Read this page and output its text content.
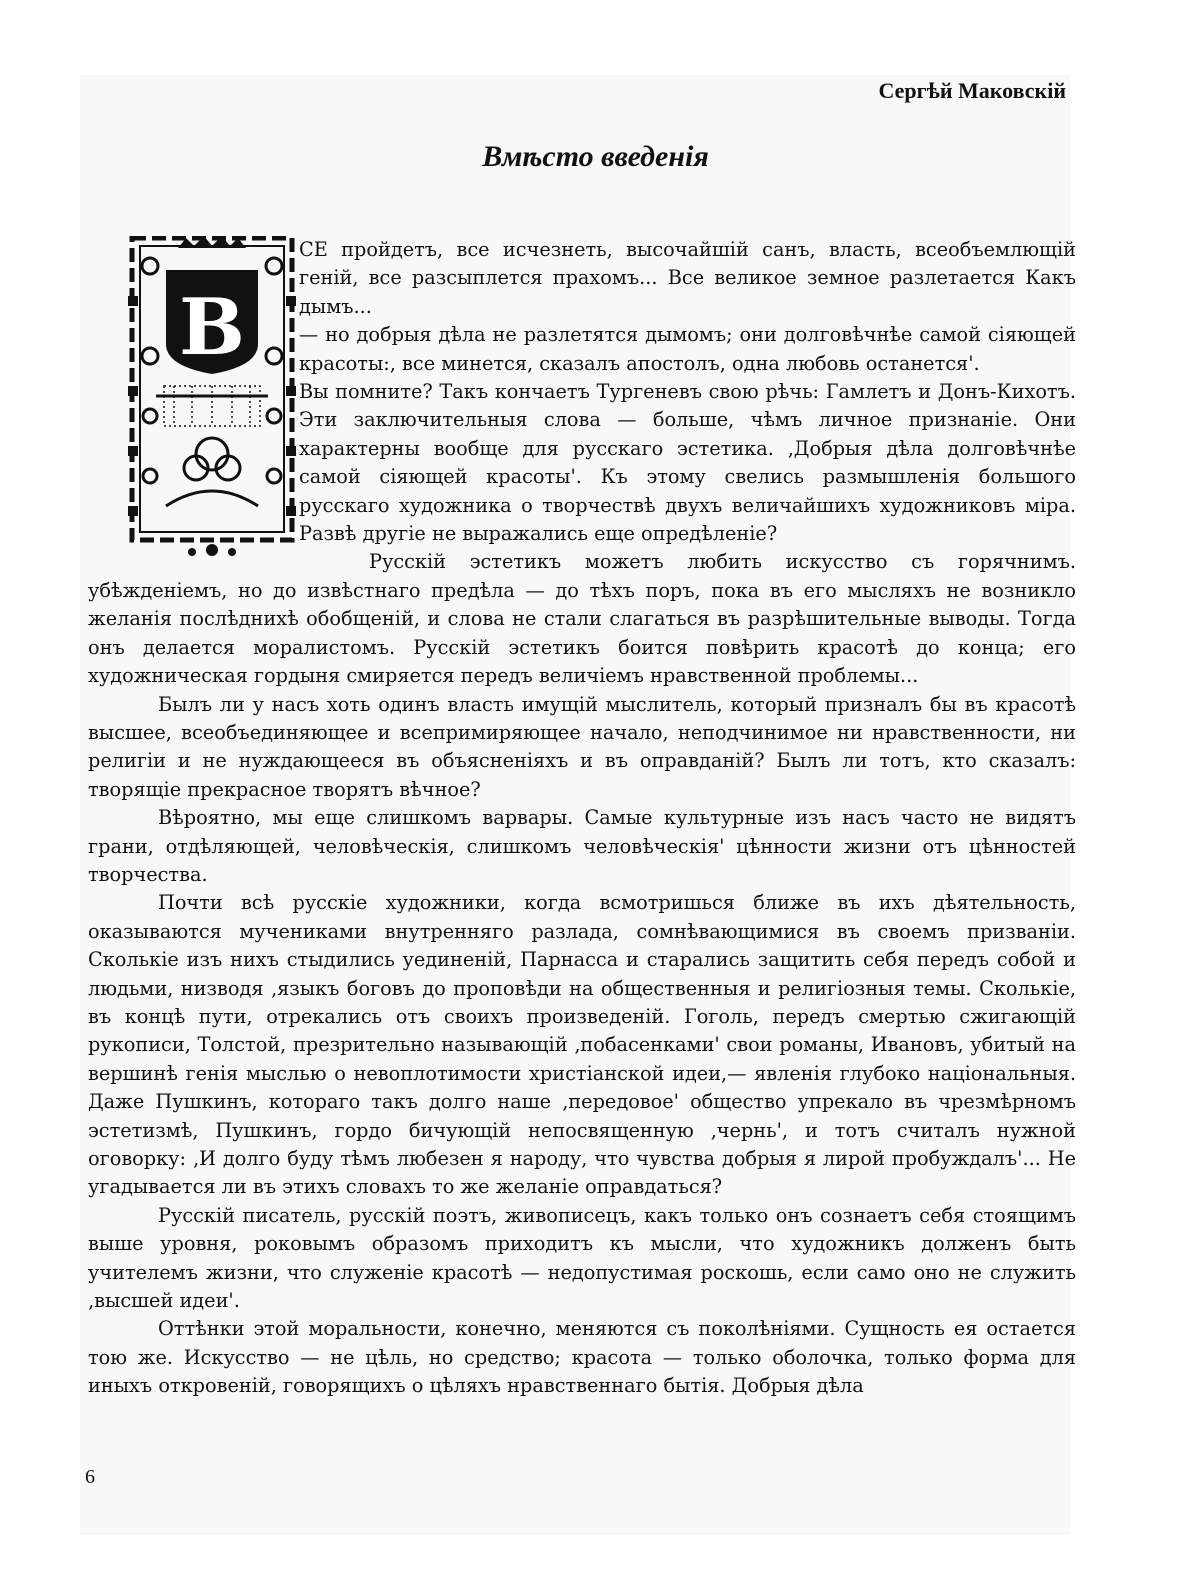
Сергѣй Маковскій
Вмѣсто введенія
В

СЕ пройдетъ, все исчезнеть, высочайшій санъ, власть, всеобъемлющій геній, все разсыплется прахомъ... Все великое земное разлетается Какъ дымъ...

— но добрыя дѣла не разлетятся дымомъ; они долговѣчнѣе самой сіяющей красоты:, все минется, сказалъ апостолъ, одна любовь останется'.

Вы помните? Такъ кончаетъ Тургеневъ свою рѣчь: Гамлетъ и Донъ-Кихотъ. Эти заключительныя слова — больше, чѣмъ личное признаніе. Они характерны вообще для русскаго эстетика. ‚Добрыя дѣла долговѣчнѣе самой сіяющей красоты'. Къ этому свелись размышленія большого русскаго художника о творчествѣ двухъ величайшихъ художниковъ міра. Развѣ другіе не выражались еще опредѣленіе?

Русскій эстетикъ можетъ любить искусство съ горячнимъ. убѣжденіемъ, но до извѣстнаго предѣла — до тѣхъ поръ, пока въ его мысляхъ не возникло желанія послѣднихѣ обобщеній, и слова не стали слагаться въ разрѣшительные выводы. Тогда онъ делается моралистомъ. Русскій эстетикъ боится повѣрить красотѣ до конца; его художническая гордыня смиряется передъ величіемъ нравственной проблемы...

Былъ ли у насъ хоть одинъ власть имущій мыслитель, который призналъ бы въ красотѣ высшее, всеобъединяющее и всепримиряющее начало, неподчинимое ни нравственности, ни религіи и не нуждающееся въ объясненіяхъ и въ оправданій? Былъ ли тотъ, кто сказалъ: творящіе прекрасное творятъ вѣчное?

Вѣроятно, мы еще слишкомъ варвары. Самые культурные изъ насъ часто не видятъ грани, отдѣляющей, человѣческія, слишкомъ человѣческія' цѣнности жизни отъ цѣнностей творчества.

Почти всѣ русскіе художники, когда всмотришься ближе въ ихъ дѣятельность, оказываются мучениками внутренняго разлада, сомнѣвающимися въ своемъ призваніи. Сколькіе изъ нихъ стыдились уединеній, Парнасса и старались защитить себя передъ собой и людьми, низводя ‚языкъ боговъ до проповѣди на общественныя и религіозныя темы. Сколькіе, въ концѣ пути, отрекались отъ своихъ произведеній. Гоголь, передъ смертью сжигающій рукописи, Толстой, презрительно называющій ‚побасенками' свои романы, Ивановъ, убитый на вершинѣ генія мыслью о невоплотимости христіанской идеи,— явленія глубоко національныя. Даже Пушкинъ, котораго такъ долго наше ‚передовое' общество упрекало въ чрезмѣрномъ эстетизмѣ, Пушкинъ, гордо бичующій непосвященную ‚чернь', и тотъ считалъ нужной оговорку: ‚И долго буду тѣмъ любезен я народу, что чувства добрыя я лирой пробуждалъ'... Не угадывается ли въ этихъ словахъ то же желаніе оправдаться?

Русскій писатель, русскій поэтъ, живописецъ, какъ только онъ сознаетъ себя стоящимъ выше уровня, роковымъ образомъ приходитъ къ мысли, что художникъ долженъ быть учителемъ жизни, что служеніе красотѣ — недопустимая роскошь, если само оно не служить ‚высшей идеи'.

Оттѣнки этой моральности, конечно, меняются съ поколѣніями. Сущность ея остается тою же. Искусство — не цѣль, но средство; красота — только оболочка, только форма для иныхъ откровеній, говорящихъ о цѣляхъ нравственнаго бытія. Добрыя дѣла

6
